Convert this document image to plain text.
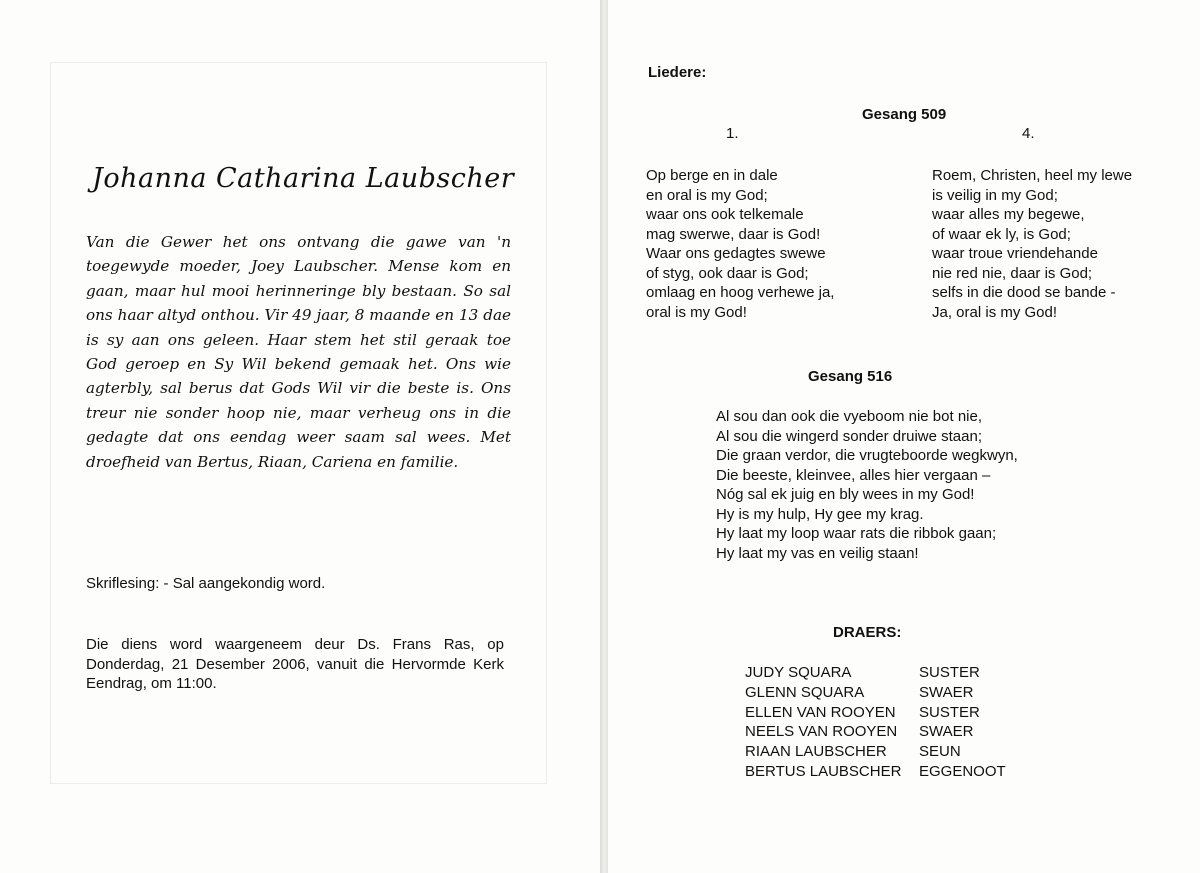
Johanna Catharina Laubscher
Van die Gewer het ons ontvang die gawe van 'n toegewyde moeder, Joey Laubscher. Mense kom en gaan, maar hul mooi herinneringe bly bestaan. So sal ons haar altyd onthou. Vir 49 jaar, 8 maande en 13 dae is sy aan ons geleen. Haar stem het stil geraak toe God geroep en Sy Wil bekend gemaak het. Ons wie agterbly, sal berus dat Gods Wil vir die beste is. Ons treur nie sonder hoop nie, maar verheug ons in die gedagte dat ons eendag weer saam sal wees. Met droefheid van Bertus, Riaan, Cariena en familie.
Skriflesing: - Sal aangekondig word.
Die diens word waargeneem deur Ds. Frans Ras, op Donderdag, 21 Desember 2006, vanuit die Hervormde Kerk Eendrag, om 11:00.
Liedere:
Gesang 509
1.	4.
Op berge en in dale
en oral is my God;
waar ons ook telkemale
mag swerwe, daar is God!
Waar ons gedagtes swewe
of styg, ook daar is God;
omlaag en hoog verhewe ja,
oral is my God!
Roem, Christen, heel my lewe
is veilig in my God;
waar alles my begewe,
of waar ek ly, is God;
waar troue vriendehande
nie red nie, daar is God;
selfs in die dood se bande -
Ja, oral is my God!
Gesang 516
Al sou dan ook die vyeboom nie bot nie,
Al sou die wingerd sonder druiwe staan;
Die graan verdor, die vrugteboorde wegkwyn,
Die beeste, kleinvee, alles hier vergaan –
Nóg sal ek juig en bly wees in my God!
Hy is my hulp, Hy gee my krag.
Hy laat my loop waar rats die ribbok gaan;
Hy laat my vas en veilig staan!
DRAERS:
JUDY SQUARA	SUSTER
GLENN SQUARA	SWAER
ELLEN VAN ROOYEN	SUSTER
NEELS VAN ROOYEN	SWAER
RIAAN LAUBSCHER	SEUN
BERTUS LAUBSCHER	EGGENOOT
